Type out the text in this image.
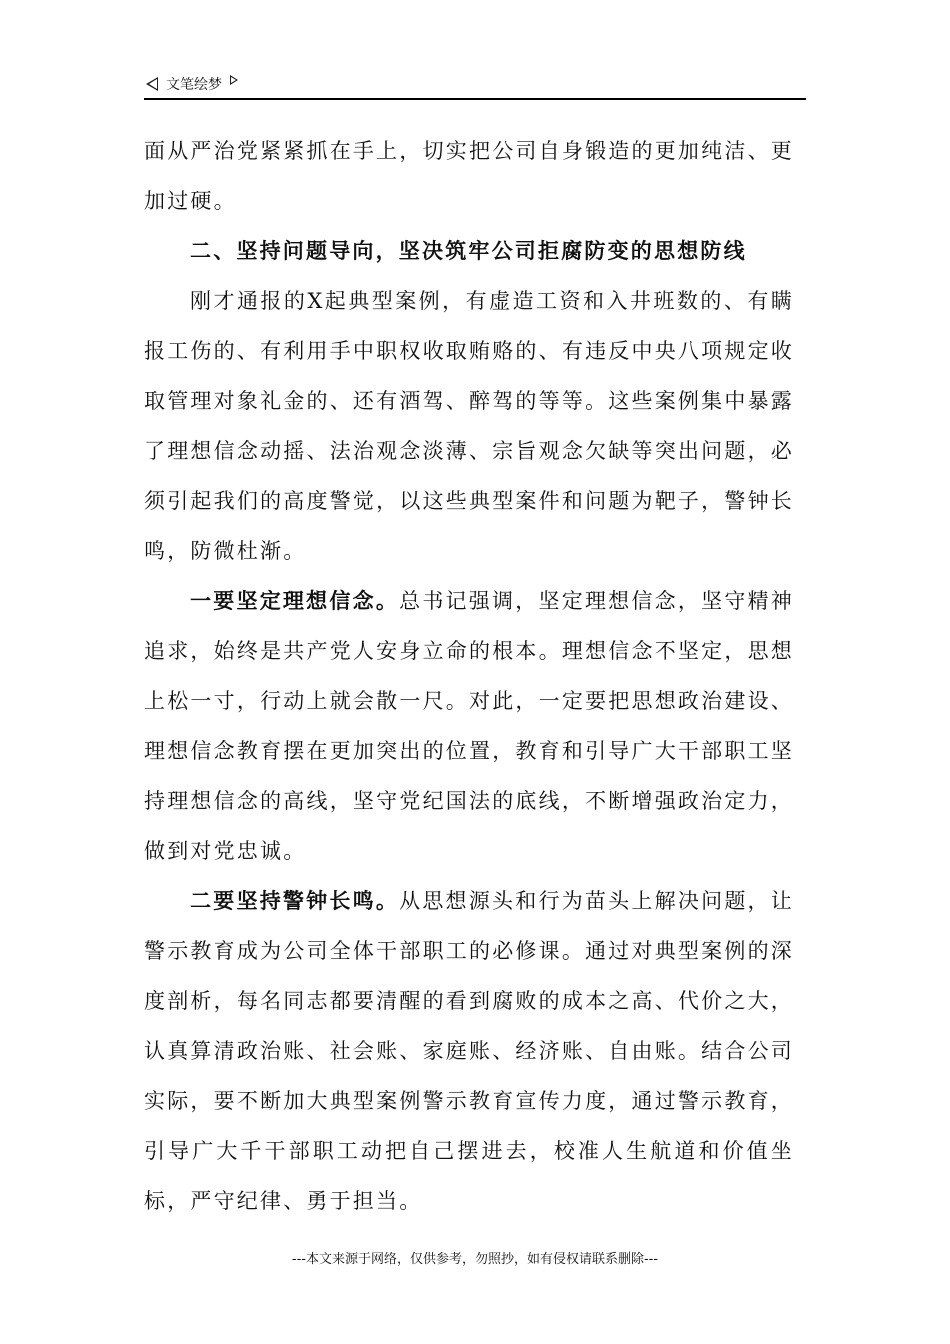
文笔绘梦

面从严治党紧紧抓在手上，切实把公司自身锻造的更加纯洁、更加过硬。

二、坚持问题导向，坚决筑牢公司拒腐防变的思想防线

刚才通报的X起典型案例，有虚造工资和入井班数的、有瞒报工伤的、有利用手中职权收取贿赂的、有违反中央八项规定收取管理对象礼金的、还有酒驾、醉驾的等等。这些案例集中暴露了理想信念动摇、法治观念淡薄、宗旨观念欠缺等突出问题，必须引起我们的高度警觉，以这些典型案件和问题为靶子，警钟长鸣，防微杜渐。

一要坚定理想信念。总书记强调，坚定理想信念，坚守精神追求，始终是共产党人安身立命的根本。理想信念不坚定，思想上松一寸，行动上就会散一尺。对此，一定要把思想政治建设、理想信念教育摆在更加突出的位置，教育和引导广大干部职工坚持理想信念的高线，坚守党纪国法的底线，不断增强政治定力，做到对党忠诚。

二要坚持警钟长鸣。从思想源头和行为苗头上解决问题，让警示教育成为公司全体干部职工的必修课。通过对典型案例的深度剖析，每名同志都要清醒的看到腐败的成本之高、代价之大，认真算清政治账、社会账、家庭账、经济账、自由账。结合公司实际，要不断加大典型案例警示教育宣传力度，通过警示教育，引导广大千干部职工动把自己摆进去，校准人生航道和价值坐标，严守纪律、勇于担当。

---本文来源于网络，仅供参考，勿照抄，如有侵权请联系删除---
